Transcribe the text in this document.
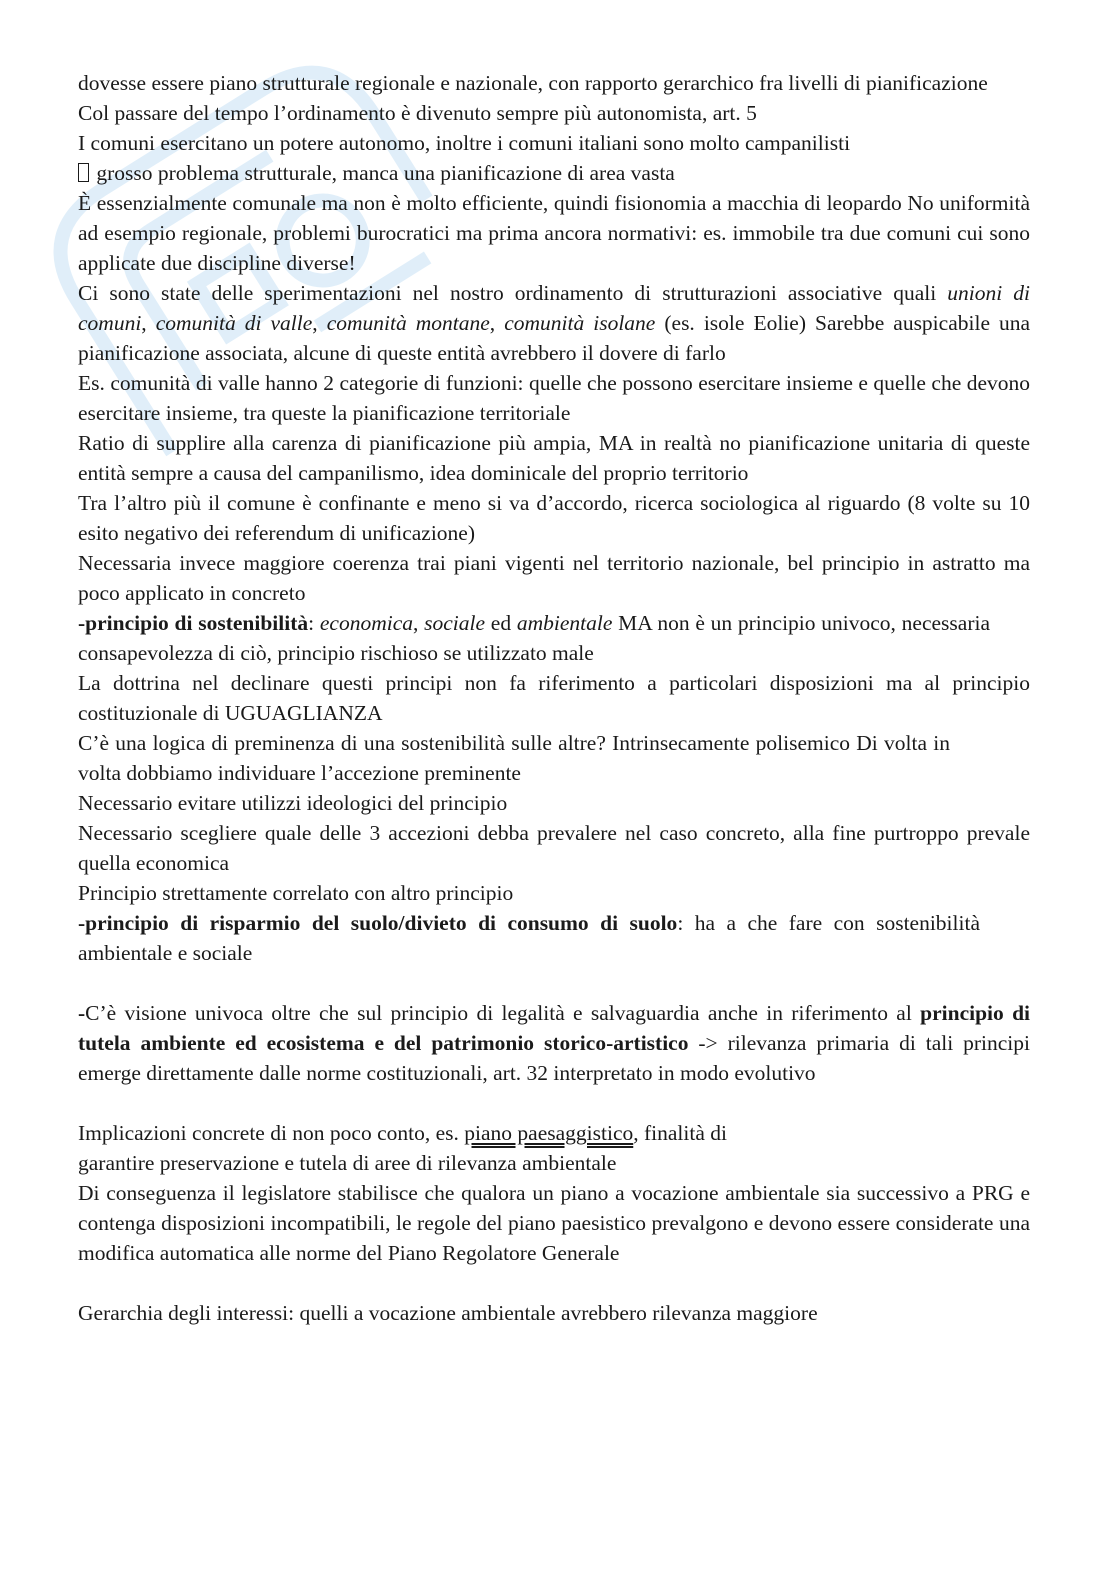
dovesse essere piano strutturale regionale e nazionale, con rapporto gerarchico fra livelli di pianificazione

Col passare del tempo l’ordinamento è divenuto sempre più autonomista, art. 5

I comuni esercitano un potere autonomo, inoltre i comuni italiani sono molto campanilisti

grosso problema strutturale, manca una pianificazione di area vasta

È essenzialmente comunale ma non è molto efficiente, quindi fisionomia a macchia di leopardo No uniformità ad esempio regionale, problemi burocratici ma prima ancora normativi: es. immobile tra due comuni cui sono applicate due discipline diverse!

Ci sono state delle sperimentazioni nel nostro ordinamento di strutturazioni associative quali unioni di comuni, comunità di valle, comunità montane, comunità isolane (es. isole Eolie) Sarebbe auspicabile una pianificazione associata, alcune di queste entità avrebbero il dovere di farlo

Es. comunità di valle hanno 2 categorie di funzioni: quelle che possono esercitare insieme e quelle che devono esercitare insieme, tra queste la pianificazione territoriale

Ratio di supplire alla carenza di pianificazione più ampia, MA in realtà no pianificazione unitaria di queste entità sempre a causa del campanilismo, idea dominicale del proprio territorio

Tra l’altro più il comune è confinante e meno si va d’accordo, ricerca sociologica al riguardo (8 volte su 10 esito negativo dei referendum di unificazione)

Necessaria invece maggiore coerenza trai piani vigenti nel territorio nazionale, bel principio in astratto ma poco applicato in concreto

-principio di sostenibilità: economica, sociale ed ambientale MA non è un principio univoco, necessaria consapevolezza di ciò, principio rischioso se utilizzato male

La dottrina nel declinare questi principi non fa riferimento a particolari disposizioni ma al principio costituzionale di UGUAGLIANZA

C’è una logica di preminenza di una sostenibilità sulle altre? Intrinsecamente polisemico Di volta in volta dobbiamo individuare l’accezione preminente

Necessario evitare utilizzi ideologici del principio

Necessario scegliere quale delle 3 accezioni debba prevalere nel caso concreto, alla fine purtroppo prevale quella economica

Principio strettamente correlato con altro principio

-principio di risparmio del suolo/divieto di consumo di suolo: ha a che fare con sostenibilità ambientale e sociale

-C’è visione univoca oltre che sul principio di legalità e salvaguardia anche in riferimento al principio di tutela ambiente ed ecosistema e del patrimonio storico-artistico -> rilevanza primaria di tali principi emerge direttamente dalle norme costituzionali, art. 32 interpretato in modo evolutivo

Implicazioni concrete di non poco conto, es. piano paesaggistico, finalità di

garantire preservazione e tutela di aree di rilevanza ambientale

Di conseguenza il legislatore stabilisce che qualora un piano a vocazione ambientale sia successivo a PRG e contenga disposizioni incompatibili, le regole del piano paesistico prevalgono e devono essere considerate una modifica automatica alle norme del Piano Regolatore Generale

Gerarchia degli interessi: quelli a vocazione ambientale avrebbero rilevanza maggiore
